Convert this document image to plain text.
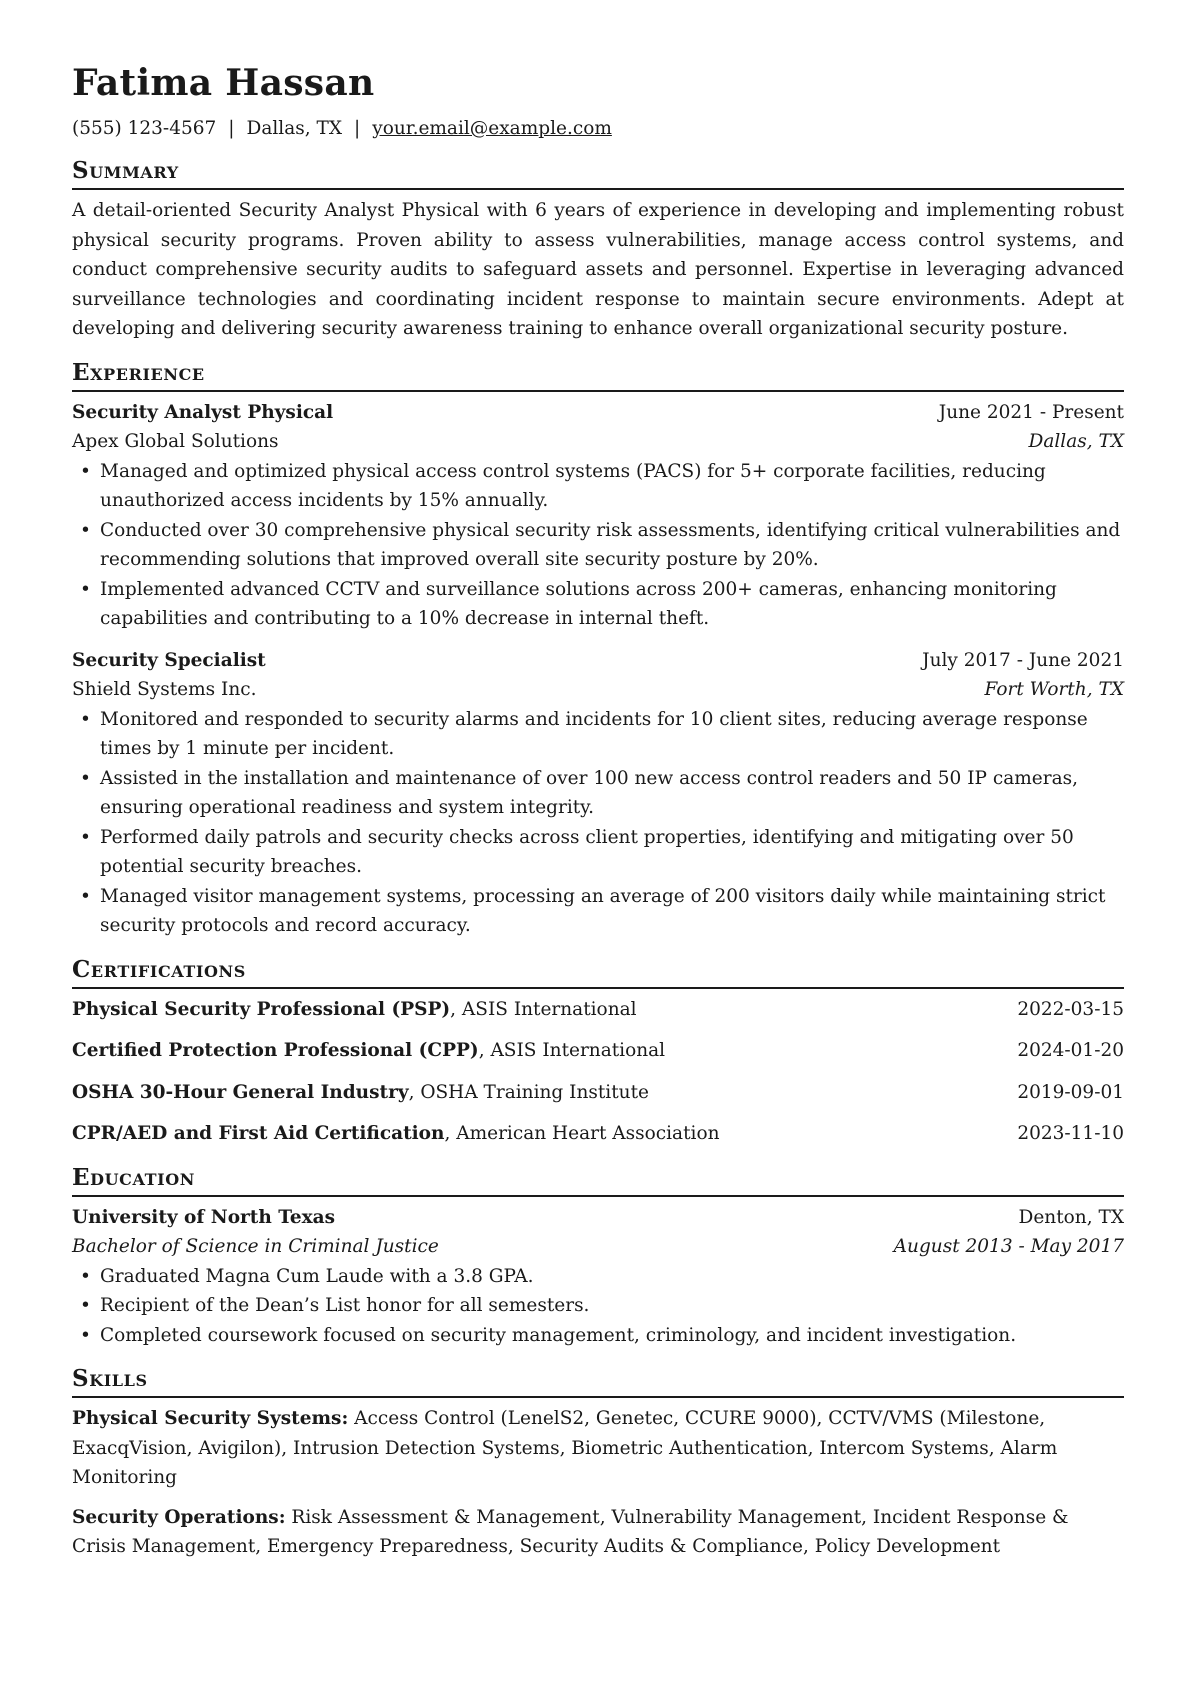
Fatima Hassan
(555) 123-4567 | Dallas, TX | your.email@example.com
Summary
A detail-oriented Security Analyst Physical with 6 years of experience in developing and implementing robust physical security programs. Proven ability to assess vulnerabilities, manage access control systems, and conduct comprehensive security audits to safeguard assets and personnel. Expertise in leveraging advanced surveillance technologies and coordinating incident response to maintain secure environments. Adept at developing and delivering security awareness training to enhance overall organizational security posture.
Experience
Security Analyst Physical	June 2021 - Present
Apex Global Solutions	Dallas, TX
• Managed and optimized physical access control systems (PACS) for 5+ corporate facilities, reducing unauthorized access incidents by 15% annually.
• Conducted over 30 comprehensive physical security risk assessments, identifying critical vulnerabilities and recommending solutions that improved overall site security posture by 20%.
• Implemented advanced CCTV and surveillance solutions across 200+ cameras, enhancing monitoring capabilities and contributing to a 10% decrease in internal theft.
Security Specialist	July 2017 - June 2021
Shield Systems Inc.	Fort Worth, TX
• Monitored and responded to security alarms and incidents for 10 client sites, reducing average response times by 1 minute per incident.
• Assisted in the installation and maintenance of over 100 new access control readers and 50 IP cameras, ensuring operational readiness and system integrity.
• Performed daily patrols and security checks across client properties, identifying and mitigating over 50 potential security breaches.
• Managed visitor management systems, processing an average of 200 visitors daily while maintaining strict security protocols and record accuracy.
Certifications
Physical Security Professional (PSP), ASIS International	2022-03-15
Certified Protection Professional (CPP), ASIS International	2024-01-20
OSHA 30-Hour General Industry, OSHA Training Institute	2019-09-01
CPR/AED and First Aid Certification, American Heart Association	2023-11-10
Education
University of North Texas	Denton, TX
Bachelor of Science in Criminal Justice	August 2013 - May 2017
• Graduated Magna Cum Laude with a 3.8 GPA.
• Recipient of the Dean’s List honor for all semesters.
• Completed coursework focused on security management, criminology, and incident investigation.
Skills
Physical Security Systems: Access Control (LenelS2, Genetec, CCURE 9000), CCTV/VMS (Milestone, ExacqVision, Avigilon), Intrusion Detection Systems, Biometric Authentication, Intercom Systems, Alarm Monitoring
Security Operations: Risk Assessment & Management, Vulnerability Management, Incident Response & Crisis Management, Emergency Preparedness, Security Audits & Compliance, Policy Development
